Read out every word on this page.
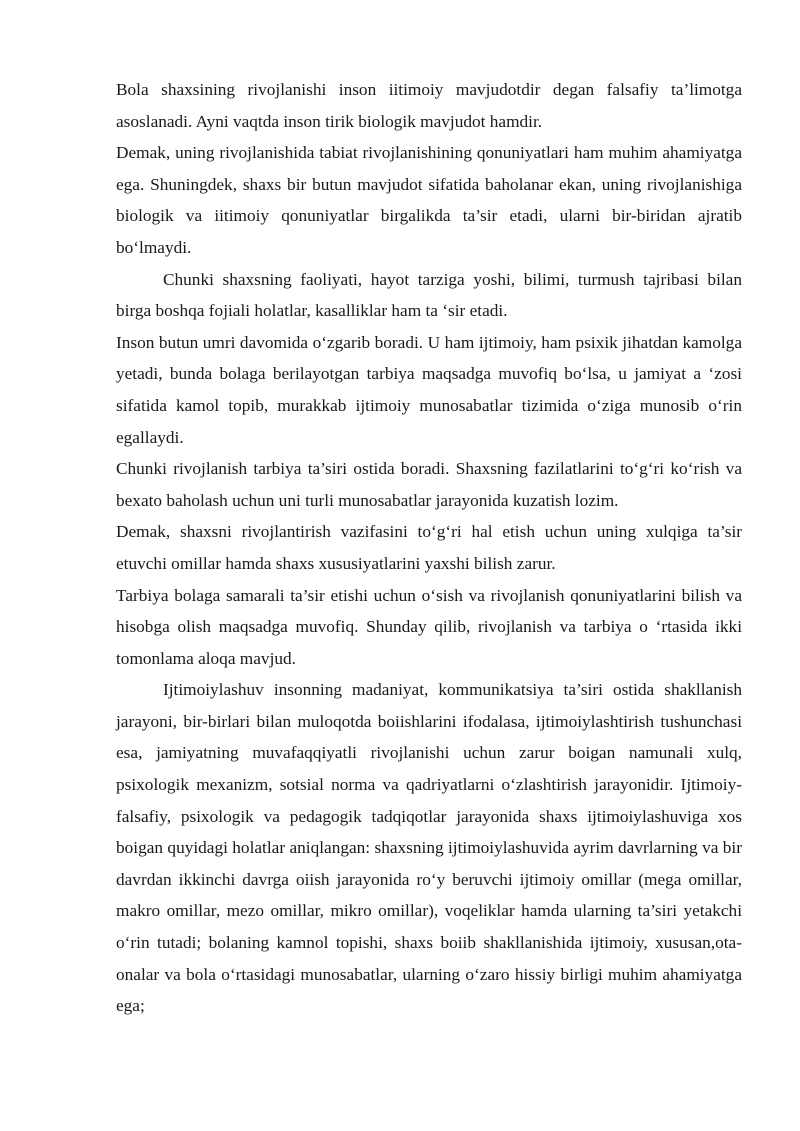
Bola shaxsining rivojlanishi inson iitimoiy mavjudotdir degan falsafiy ta’limotga asoslanadi. Ayni vaqtda inson tirik biologik mavjudot hamdir.

Demak, uning rivojlanishida tabiat rivojlanishining qonuniyatlari ham muhim ahamiyatga ega. Shuningdek, shaxs bir butun mavjudot sifatida baholanar ekan, uning rivojlanishiga biologik va iitimoiy qonuniyatlar birgalikda ta’sir etadi, ularni bir-biridan ajratib bo‘lmaydi.

Chunki shaxsning faoliyati, hayot tarziga yoshi, bilimi, turmush tajribasi bilan birga boshqa fojiali holatlar, kasalliklar ham ta ‘sir etadi.

Inson butun umri davomida o‘zgarib boradi. U ham ijtimoiy, ham psixik jihatdan kamolga yetadi, bunda bolaga berilayotgan tarbiya maqsadga muvofiq bo‘lsa, u jamiyat a ‘zosi sifatida kamol topib, murakkab ijtimoiy munosabatlar tizimida o‘ziga munosib o‘rin egallaydi.

Chunki rivojlanish tarbiya ta’siri ostida boradi. Shaxsning fazilatlarini to‘g‘ri ko‘rish va bexato baholash uchun uni turli munosabatlar jarayonida kuzatish lozim.

Demak, shaxsni rivojlantirish vazifasini to‘g‘ri hal etish uchun uning xulqiga ta’sir etuvchi omillar hamda shaxs xususiyatlarini yaxshi bilish zarur.

Tarbiya bolaga samarali ta’sir etishi uchun o‘sish va rivojlanish qonuniyatlarini bilish va hisobga olish maqsadga muvofiq. Shunday qilib, rivojlanish va tarbiya o ‘rtasida ikki tomonlama aloqa mavjud.

Ijtimoiylashuv insonning madaniyat, kommunikatsiya ta’siri ostida shakllanish jarayoni, bir-birlari bilan muloqotda boiishlarini ifodalasa, ijtimoiylashtirish tushunchasi esa, jamiyatning muvafaqqiyatli rivojlanishi uchun zarur boigan namunali xulq, psixologik mexanizm, sotsial norma va qadriyatlarni o‘zlashtirish jarayonidir. Ijtimoiy-falsafiy, psixologik va pedagogik tadqiqotlar jarayonida shaxs ijtimoiylashuviga xos boigan quyidagi holatlar aniqlangan: shaxsning ijtimoiylashuvida ayrim davrlarning va bir davrdan ikkinchi davrga oiish jarayonida ro‘y beruvchi ijtimoiy omillar (mega omillar, makro omillar, mezo omillar, mikro omillar), voqeliklar hamda ularning ta’siri yetakchi o‘rin tutadi; bolaning kamnol topishi, shaxs boiib shakllanishida ijtimoiy, xususan,ota-onalar va bola o‘rtasidagi munosabatlar, ularning o‘zaro hissiy birligi muhim ahamiyatga ega;
